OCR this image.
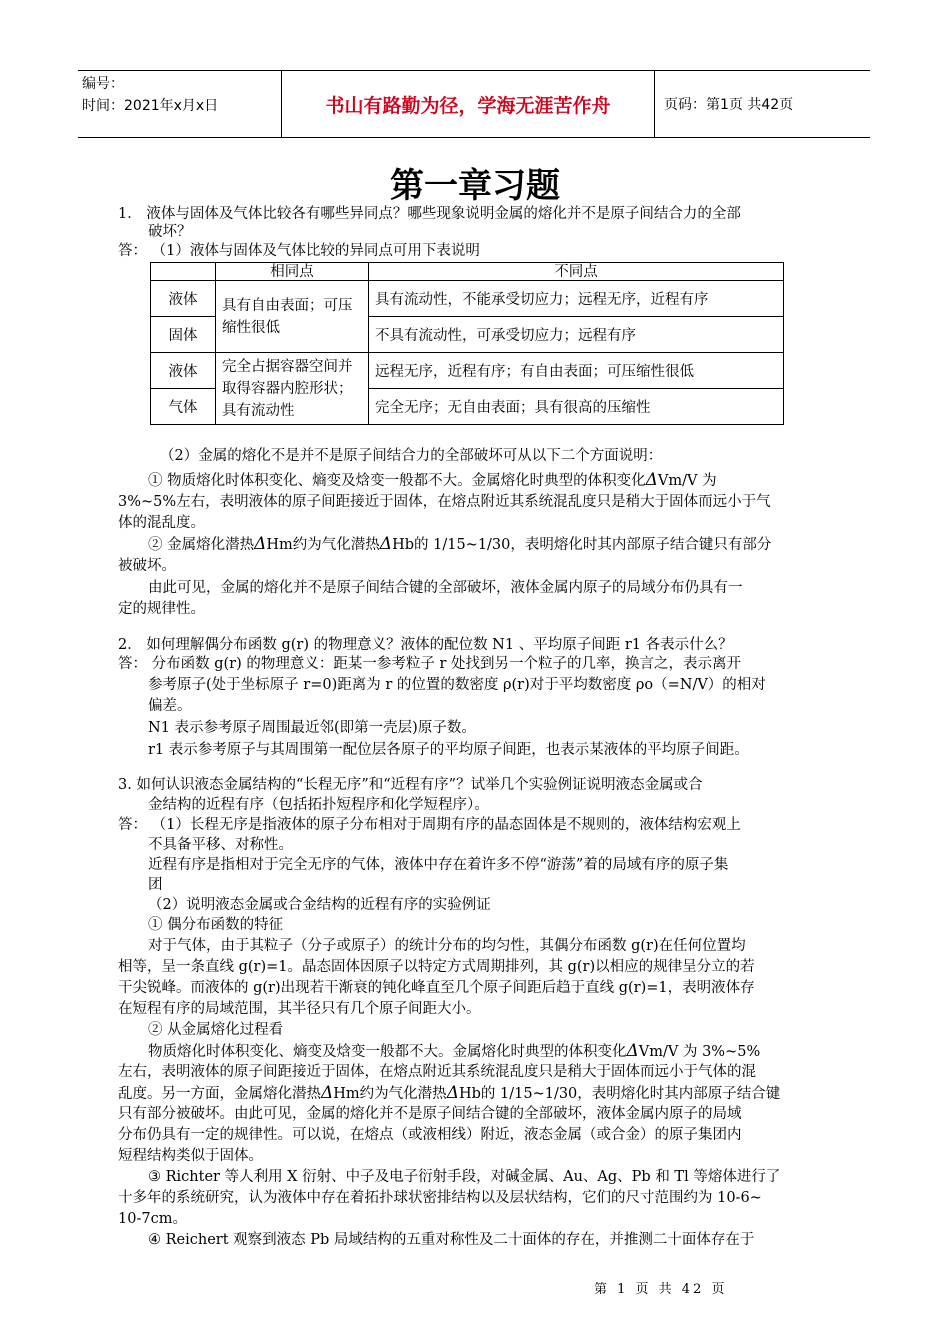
编号：
时间：2021年x月x日	书山有路勤为径，学海无涯苦作舟	页码：第1页 共42页
第一章习题
1． 液体与固体及气体比较各有哪些异同点？哪些现象说明金属的熔化并不是原子间结合力的全部
破坏？
答： （1）液体与固体及气体比较的异同点可用下表说明
	相同点	不同点
液体	具有自由表面；可压缩性很低	具有流动性，不能承受切应力；远程无序，近程有序
固体		不具有流动性，可承受切应力；远程有序
液体	完全占据容器空间并取得容器内腔形状；具有流动性	远程无序，近程有序；有自由表面；可压缩性很低
气体		完全无序；无自由表面；具有很高的压缩性
（2）金属的熔化不是并不是原子间结合力的全部破坏可从以下二个方面说明：
① 物质熔化时体积变化、熵变及焓变一般都不大。金属熔化时典型的体积变化ΔVm/V 为
3%~5%左右，表明液体的原子间距接近于固体，在熔点附近其系统混乱度只是稍大于固体而远小于气
体的混乱度。
② 金属熔化潜热ΔHm约为气化潜热ΔHb的 1/15~1/30，表明熔化时其内部原子结合键只有部分
被破坏。
由此可见，金属的熔化并不是原子间结合键的全部破坏，液体金属内原子的局域分布仍具有一
定的规律性。
2． 如何理解偶分布函数 g(r) 的物理意义？液体的配位数 N1 、平均原子间距 r1 各表示什么？
答： 分布函数 g(r) 的物理意义：距某一参考粒子 r 处找到另一个粒子的几率，换言之，表示离开
参考原子(处于坐标原子 r=0)距离为 r 的位置的数密度 ρ(r)对于平均数密度 ρo（=N/V）的相对
偏差。
N1 表示参考原子周围最近邻(即第一壳层)原子数。
r1 表示参考原子与其周围第一配位层各原子的平均原子间距，也表示某液体的平均原子间距。
3. 如何认识液态金属结构的“长程无序”和“近程有序”？试举几个实验例证说明液态金属或合
金结构的近程有序（包括拓扑短程序和化学短程序）。
答： （1）长程无序是指液体的原子分布相对于周期有序的晶态固体是不规则的，液体结构宏观上
不具备平移、对称性。
近程有序是指相对于完全无序的气体，液体中存在着许多不停“游荡”着的局域有序的原子集
团
（2）说明液态金属或合金结构的近程有序的实验例证
① 偶分布函数的特征
对于气体，由于其粒子（分子或原子）的统计分布的均匀性，其偶分布函数 g(r)在任何位置均
相等，呈一条直线 g(r)=1。晶态固体因原子以特定方式周期排列，其 g(r)以相应的规律呈分立的若
干尖锐峰。而液体的 g(r)出现若干渐衰的钝化峰直至几个原子间距后趋于直线 g(r)=1，表明液体存
在短程有序的局域范围，其半径只有几个原子间距大小。
② 从金属熔化过程看
物质熔化时体积变化、熵变及焓变一般都不大。金属熔化时典型的体积变化ΔVm/V 为 3%~5%
左右，表明液体的原子间距接近于固体，在熔点附近其系统混乱度只是稍大于固体而远小于气体的混
乱度。另一方面，金属熔化潜热ΔHm约为气化潜热ΔHb的 1/15~1/30，表明熔化时其内部原子结合键
只有部分被破坏。由此可见，金属的熔化并不是原子间结合键的全部破坏，液体金属内原子的局域
分布仍具有一定的规律性。可以说，在熔点（或液相线）附近，液态金属（或合金）的原子集团内
短程结构类似于固体。
③ Richter 等人利用 X 衍射、中子及电子衍射手段，对碱金属、Au、Ag、Pb 和 Tl 等熔体进行了
十多年的系统研究，认为液体中存在着拓扑球状密排结构以及层状结构，它们的尺寸范围约为 10-6~
10-7cm。
④ Reichert 观察到液态 Pb 局域结构的五重对称性及二十面体的存在，并推测二十面体存在于
第 1 页 共 42 页
